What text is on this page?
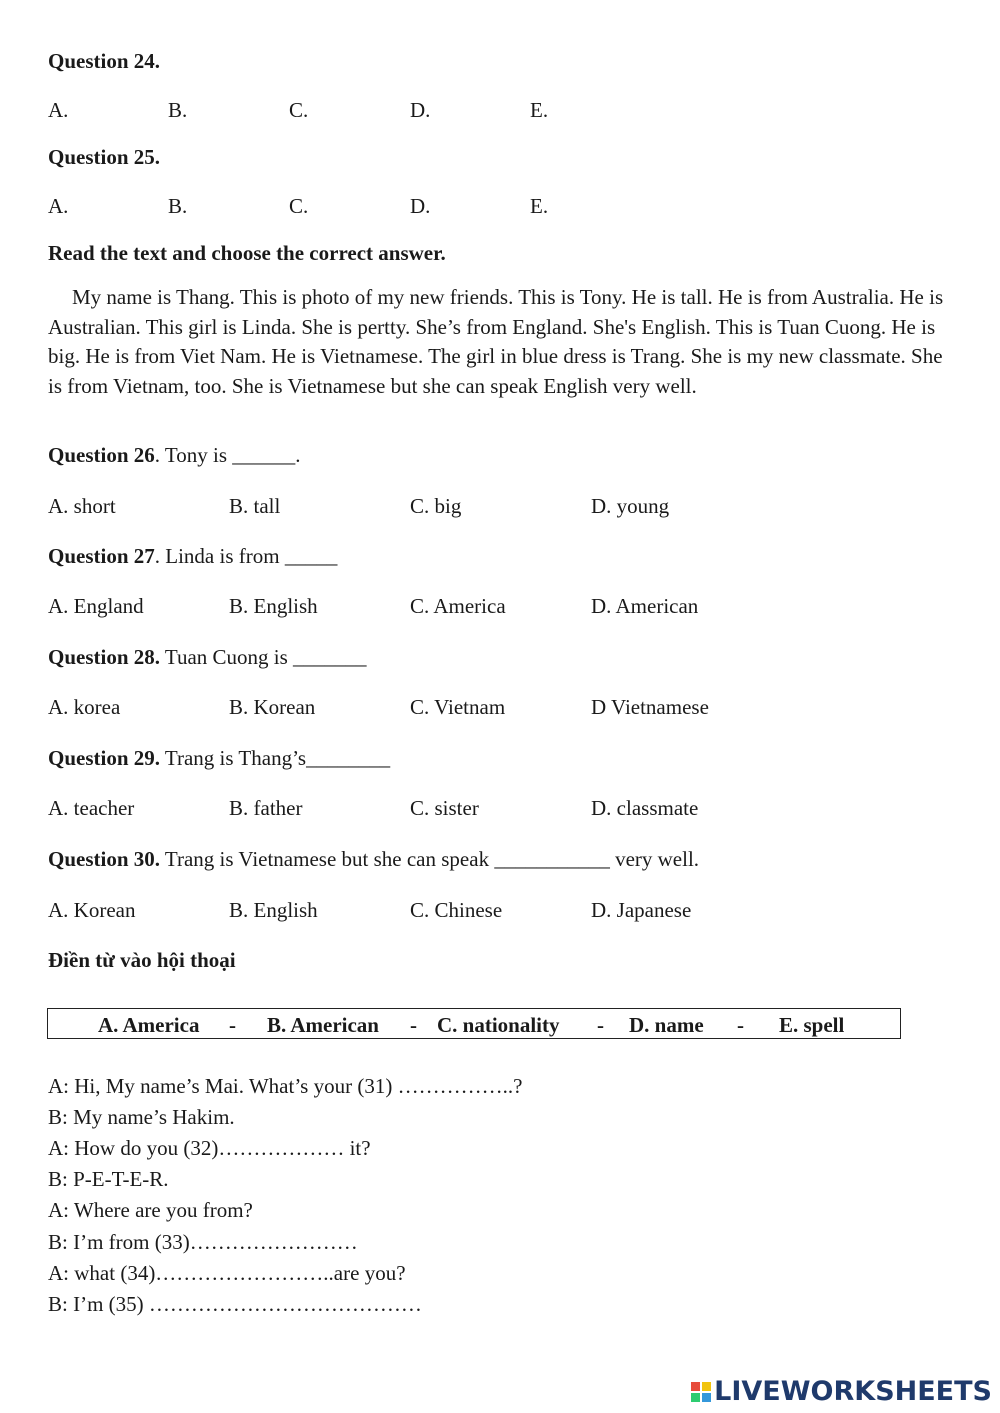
Question 24.
A.	B.	C.	D.	E.
Question 25.
A.	B.	C.	D.	E.
Read the text and choose the correct answer.
My name is Thang. This is photo of my new friends. This is Tony. He is tall. He is from Australia. He is Australian. This girl is Linda. She is pertty. She’s from England. She's English. This is Tuan Cuong. He is big. He is from Viet Nam. He is Vietnamese. The girl in blue dress is Trang. She is my new classmate. She is from Vietnam, too. She is Vietnamese but she can speak English very well.
Question 26. Tony is ______.
A. short	B. tall	C. big	D. young
Question 27. Linda is from _____
A. England	B. English	C. America	D. American
Question 28. Tuan Cuong is _______
A. korea	B. Korean	C. Vietnam	D Vietnamese
Question 29. Trang is Thang’s________
A. teacher	B. father	C. sister	D. classmate
Question 30. Trang is Vietnamese but she can speak ___________ very well.
A. Korean	B. English	C. Chinese	D. Japanese
Điền từ vào hội thoại
A. America - B. American - C. nationality - D. name - E. spell
A: Hi, My name’s Mai. What’s your (31) ……………..?
B: My name’s Hakim.
A: How do you (32)……………… it?
B: P-E-T-E-R.
A: Where are you from?
B: I’m from (33)……………………
A: what (34)……………………..are you?
B: I’m (35) …………………………………
LIVEWORKSHEETS
